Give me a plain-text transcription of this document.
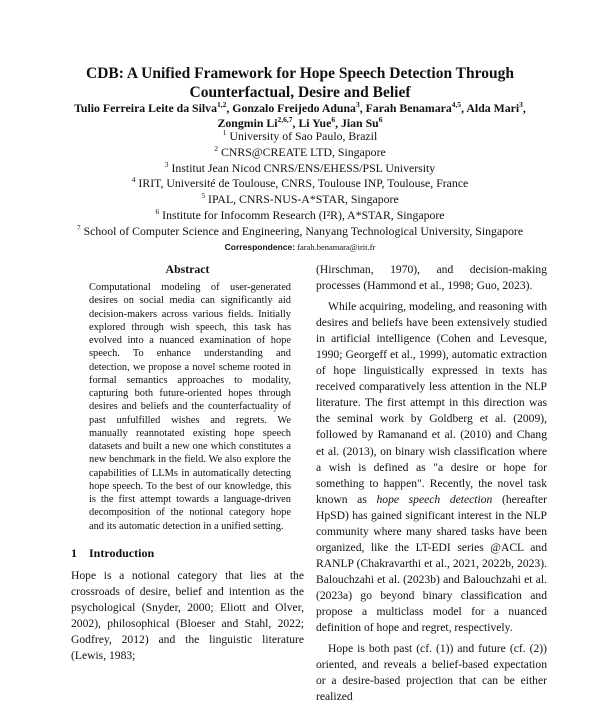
CDB: A Unified Framework for Hope Speech Detection Through
Counterfactual, Desire and Belief
Tulio Ferreira Leite da Silva$^{1,2}$, Gonzalo Freijedo Aduna$^3$, Farah Benamara$^{4,5}$, Alda Mari$^3$,
Zongmin Li$^{2,6,7}$, Li Yue$^6$, Jian Su$^6$
$^1$ University of Sao Paulo, Brazil
$^2$ CNRS@CREATE LTD, Singapore
$^3$ Institut Jean Nicod CNRS/ENS/EHESS/PSL University
$^4$ IRIT, Université de Toulouse, CNRS, Toulouse INP, Toulouse, France
$^5$ IPAL, CNRS-NUS-A*STAR, Singapore
$^6$ Institute for Infocomm Research (I²R), A*STAR, Singapore
$^7$ School of Computer Science and Engineering, Nanyang Technological University, Singapore
Correspondence: farah.benamara@irit.fr
Abstract

Computational modeling of user-generated desires on social media can significantly aid decision-makers across various fields. Initially explored through wish speech, this task has evolved into a nuanced examination of hope speech. To enhance understanding and detection, we propose a novel scheme rooted in formal semantics approaches to modality, capturing both future-oriented hopes through desires and beliefs and the counterfactuality of past unfulfilled wishes and regrets. We manually reannotated existing hope speech datasets and built a new one which constitutes a new benchmark in the field. We also explore the capabilities of LLMs in automatically detecting hope speech. To the best of our knowledge, this is the first attempt towards a language-driven decomposition of the notional category hope and its automatic detection in a unified setting.

1 Introduction

Hope is a notional category that lies at the crossroads of desire, belief and intention as the psychological (Snyder, 2000; Eliott and Olver, 2002), philosophical (Bloeser and Stahl, 2022; Godfrey, 2012) and the linguistic literature (Lewis, 1983;

(Hirschman, 1970), and decision-making processes (Hammond et al., 1998; Guo, 2023).

While acquiring, modeling, and reasoning with desires and beliefs have been extensively studied in artificial intelligence (Cohen and Levesque, 1990; Georgeff et al., 1999), automatic extraction of hope linguistically expressed in texts has received comparatively less attention in the NLP literature. The first attempt in this direction was the seminal work by Goldberg et al. (2009), followed by Ramanand et al. (2010) and Chang et al. (2013), on binary wish classification where a wish is defined as "a desire or hope for something to happen". Recently, the novel task known as hope speech detection (hereafter HpSD) has gained significant interest in the NLP community where many shared tasks have been organized, like the LT-EDI series @ACL and RANLP (Chakravarthi et al., 2021, 2022b, 2023). Balouchzahi et al. (2023b) and Balouchzahi et al. (2023a) go beyond binary classification and propose a multiclass model for a nuanced definition of hope and regret, respectively.

Hope is both past (cf. (1)) and future (cf. (2)) oriented, and reveals a belief-based expectation or a desire-based projection that can be either realized
